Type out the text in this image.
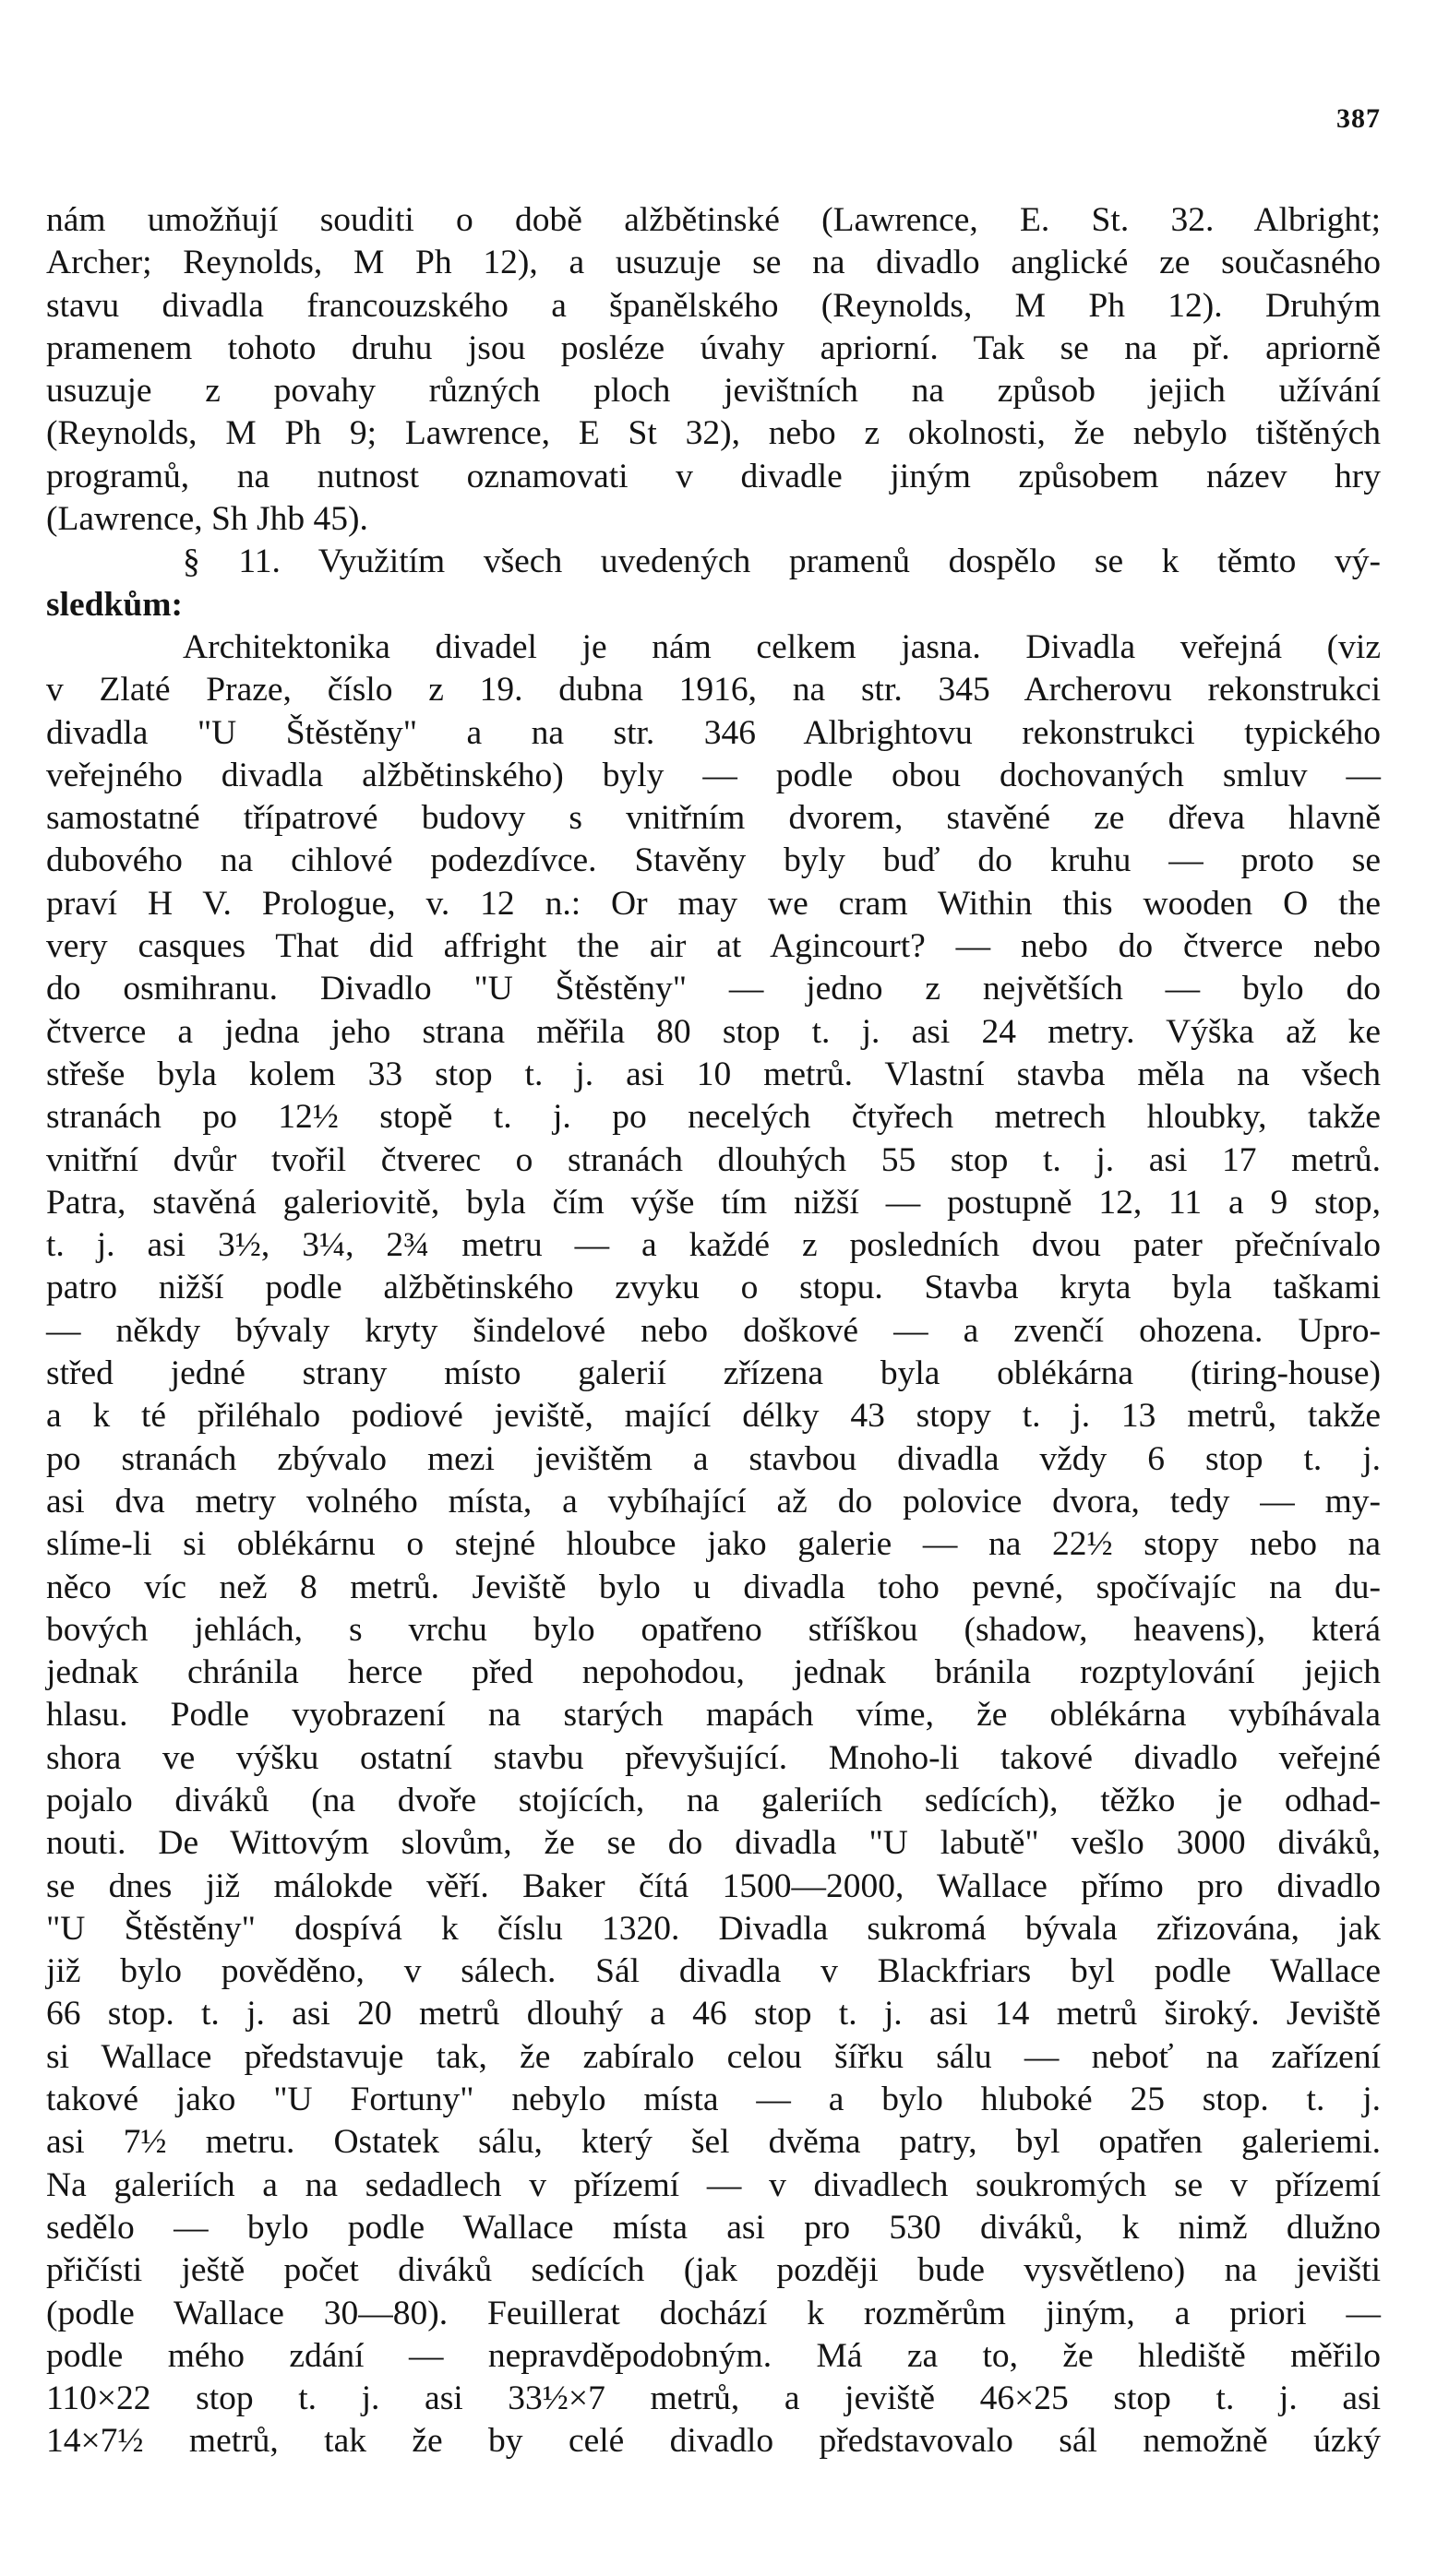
387
nám umožňují souditi o době alžbětinské (Lawrence, E. St. 32. Albright;
Archer; Reynolds, M Ph 12), a usuzuje se na divadlo anglické ze současného
stavu divadla francouzského a španělského (Reynolds, M Ph 12). Druhým
pramenem tohoto druhu jsou posléze úvahy apriorní. Tak se na př. apriorně
usuzuje z povahy různých ploch jevištních na způsob jejich užívání
(Reynolds, M Ph 9; Lawrence, E St 32), nebo z okolnosti, že nebylo tištěných
programů, na nutnost oznamovati v divadle jiným způsobem název hry
(Lawrence, Sh Jhb 45).
§ 11. Využitím všech uvedených pramenů dospělo se k těmto vý-
sledkům:
Architektonika divadel je nám celkem jasna. Divadla veřejná (viz
v Zlaté Praze, číslo z 19. dubna 1916, na str. 345 Archerovu rekonstrukci
divadla "U Štěstěny" a na str. 346 Albrightovu rekonstrukci typického
veřejného divadla alžbětinského) byly — podle obou dochovaných smluv —
samostatné třípatrové budovy s vnitřním dvorem, stavěné ze dřeva hlavně
dubového na cihlové podezdívce. Stavěny byly buď do kruhu — proto se
praví H V. Prologue, v. 12 n.: Or may we cram Within this wooden O the
very casques That did affright the air at Agincourt? — nebo do čtverce nebo
do osmihranu. Divadlo "U Štěstěny" — jedno z největších — bylo do
čtverce a jedna jeho strana měřila 80 stop t. j. asi 24 metry. Výška až ke
střeše byla kolem 33 stop t. j. asi 10 metrů. Vlastní stavba měla na všech
stranách po 12½ stopě t. j. po necelých čtyřech metrech hloubky, takže
vnitřní dvůr tvořil čtverec o stranách dlouhých 55 stop t. j. asi 17 metrů.
Patra, stavěná galeriovitě, byla čím výše tím nižší — postupně 12, 11 a 9 stop,
t. j. asi 3½, 3¼, 2¾ metru — a každé z posledních dvou pater přečnívalo
patro nižší podle alžbětinského zvyku o stopu. Stavba kryta byla taškami
— někdy bývaly kryty šindelové nebo doškové — a zvenčí ohozena. Upro-
střed jedné strany místo galerií zřízena byla oblékárna (tiring-house)
a k té přiléhalo podiové jeviště, mající délky 43 stopy t. j. 13 metrů, takže
po stranách zbývalo mezi jevištěm a stavbou divadla vždy 6 stop t. j.
asi dva metry volného místa, a vybíhající až do polovice dvora, tedy — my-
slíme-li si oblékárnu o stejné hloubce jako galerie — na 22½ stopy nebo na
něco víc než 8 metrů. Jeviště bylo u divadla toho pevné, spočívajíc na du-
bových jehlách, s vrchu bylo opatřeno stříškou (shadow, heavens), která
jednak chránila herce před nepohodou, jednak bránila rozptylování jejich
hlasu. Podle vyobrazení na starých mapách víme, že oblékárna vybíhávala
shora ve výšku ostatní stavbu převyšující. Mnoho-li takové divadlo veřejné
pojalo diváků (na dvoře stojících, na galeriích sedících), těžko je odhad-
nouti. De Wittovým slovům, že se do divadla "U labutě" vešlo 3000 diváků,
se dnes již málokde věří. Baker čítá 1500—2000, Wallace přímo pro divadlo
"U Štěstěny" dospívá k číslu 1320. Divadla sukromá bývala zřizována, jak
již bylo pověděno, v sálech. Sál divadla v Blackfriars byl podle Wallace
66 stop. t. j. asi 20 metrů dlouhý a 46 stop t. j. asi 14 metrů široký. Jeviště
si Wallace představuje tak, že zabíralo celou šířku sálu — neboť na zařízení
takové jako "U Fortuny" nebylo místa — a bylo hluboké 25 stop. t. j.
asi 7½ metru. Ostatek sálu, který šel dvěma patry, byl opatřen galeriemi.
Na galeriích a na sedadlech v přízemí — v divadlech soukromých se v přízemí
sedělo — bylo podle Wallace místa asi pro 530 diváků, k nimž dlužno
přičísti ještě počet diváků sedících (jak později bude vysvětleno) na jevišti
(podle Wallace 30—80). Feuillerat dochází k rozměrům jiným, a priori —
podle mého zdání — nepravděpodobným. Má za to, že hlediště měřilo
110×22 stop t. j. asi 33½×7 metrů, a jeviště 46×25 stop t. j. asi
14×7½ metrů, tak že by celé divadlo představovalo sál nemožně úzký
